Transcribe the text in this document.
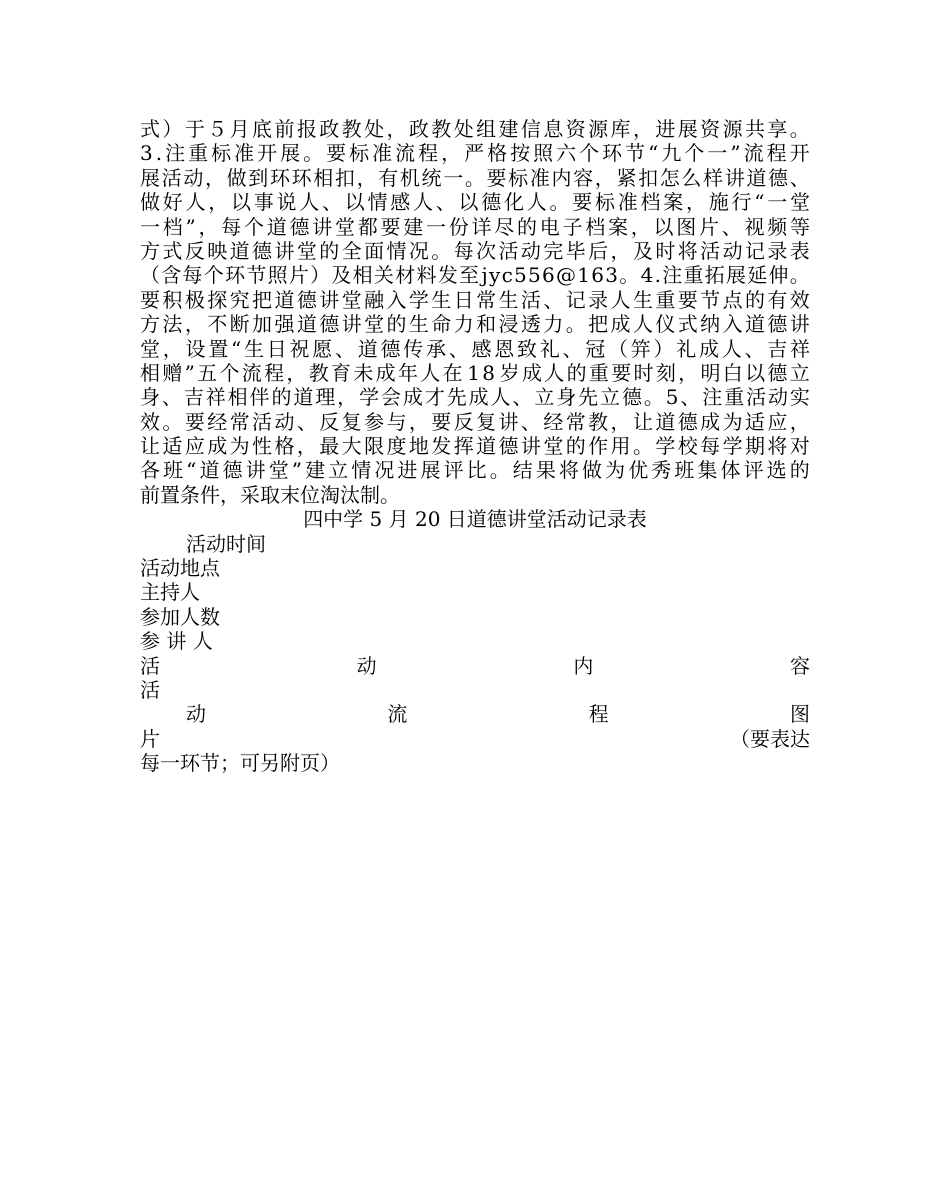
式 ） 于 ５ 月 底 前 报 政 教 处 ， 政 教 处 组 建 信 息 资 源 库 ， 进 展 资 源 共 享 。
3 . 注 重 标 准 开 展 。 要 标 准 流 程 ， 严 格 按 照 六 个 环 节 “ 九 个 一 ” 流 程 开
展 活 动 ， 做 到 环 环 相 扣 ， 有 机 统 一 。 要 标 准 内 容 ， 紧 扣 怎 么 样 讲 道 德 、
做 好 人 ， 以 事 说 人 、 以 情 感 人 、 以 德 化 人 。 要 标 准 档 案 ， 施 行 “ 一 堂
一 档 ” ， 每 个 道 德 讲 堂 都 要 建 一 份 详 尽 的 电 子 档 案 ， 以 图 片 、 视 频 等
方 式 反 映 道 德 讲 堂 的 全 面 情 况 。 每 次 活 动 完 毕 后 ， 及 时 将 活 动 记 录 表
（ 含 每 个 环 节 照 片 ） 及 相 关 材 料 发 至 j y c 5 5 6 @ 1 6 3 。 4 . 注 重 拓 展 延 伸 。
要 积 极 探 究 把 道 德 讲 堂 融 入 学 生 日 常 生 活 、 记 录 人 生 重 要 节 点 的 有 效
方 法 ， 不 断 加 强 道 德 讲 堂 的 生 命 力 和 浸 透 力 。 把 成 人 仪 式 纳 入 道 德 讲
堂 ， 设 置 “ 生 日 祝 愿 、 道 德 传 承 、 感 恩 致 礼 、 冠 （ 笄 ） 礼 成 人 、 吉 祥
相 赠 ” 五 个 流 程 ， 教 育 未 成 年 人 在 1 8 岁 成 人 的 重 要 时 刻 ， 明 白 以 德 立
身 、 吉 祥 相 伴 的 道 理 ， 学 会 成 才 先 成 人 、 立 身 先 立 德 。 5 、 注 重 活 动 实
效 。 要 经 常 活 动 、 反 复 参 与 ， 要 反 复 讲 、 经 常 教 ， 让 道 德 成 为 适 应 ，
让 适 应 成 为 性 格 ， 最 大 限 度 地 发 挥 道 德 讲 堂 的 作 用 。 学 校 每 学 期 将 对
各 班 “ 道 德 讲 堂 ” 建 立 情 况 进 展 评 比 。 结 果 将 做 为 优 秀 班 集 体 评 选 的
前置条件，采取末位淘汰制。
四中学 5 月 20 日道德讲堂活动记录表
活动时间
活动地点
主持人
参加人数
参 讲 人
活	动	内	容
活
动	流	程	图
片	（要表达
每一环节；可另附页）
